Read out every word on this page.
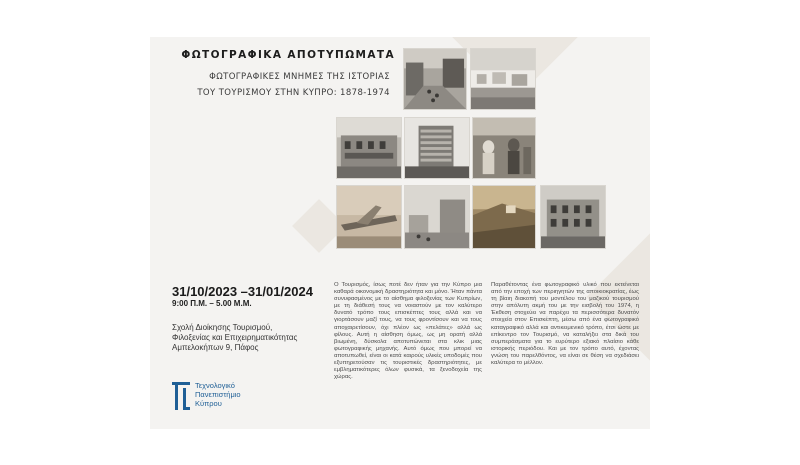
ΦΩΤΟΓΡΑΦΙΚΑ ΑΠΟΤΥΠΩΜΑΤΑ
ΦΩΤΟΓΡΑΦΙΚΕΣ ΜΝΗΜΕΣ ΤΗΣ ΙΣΤΟΡΙΑΣ
ΤΟΥ ΤΟΥΡΙΣΜΟΥ ΣΤΗΝ ΚΥΠΡΟ: 1878-1974
31/10/2023 –31/01/2024
9:00 Π.Μ. – 5.00 Μ.Μ.
Σχολή Διοίκησης Τουρισμού,
Φιλοξενίας και Επιχειρηματικότητας
Αμπελοκήπων 9, Πάφος
Τεχνολογικό
Πανεπιστήμιο
Κύπρου
Ο Τουρισμός, ίσως ποτέ δεν ήταν για την Κύπρο μια καθαρά οικονομική δραστηριότητα και μόνο. Ήταν πάντα συνυφασμένος με το αίσθημα φιλοξενίας των Κυπρίων, με τη διάθεσή τους να νοιαστούν με τον καλύτερο δυνατό τρόπο τους επισκέπτες τους αλλά και να γιορτάσουν μαζί τους, να τους φροντίσουν και να τους αποχαιρετίσουν, όχι πλέον ως «πελάτες» αλλά ως φίλους. Αυτή η αίσθηση όμως, ως μη ορατή αλλά βιωμένη, δύσκολα αποτυπώνεται στα κλικ μιας φωτογραφικής μηχανής. Αυτό όμως που μπορεί να αποτυπωθεί, είναι οι κατά καιρούς υλικές υποδομές που εξυπηρετούσαν τις τουριστικές δραστηριότητες, με εμβληματικότερες όλων φυσικά, τα ξενοδοχεία της χώρας.
Παραθέτοντας ένα φωτογραφικό υλικό που εκτείνεται από την εποχή των περιηγητών της αποικιοκρατίας, έως τη βίαιη διακοπή του μοντέλου του μαζικού τουρισμού στην απόλυτη ακμή του με την εισβολή του 1974, η Έκθεση στοχεύει να παρέχει τα περισσότερα δυνατόν στοιχεία στον Επισκέπτη, μέσω από ένα φωτογραφικό καταγραφικό αλλά και αντικειμενικό τρόπο, έτσι ώστε με επίκεντρο τον Τουρισμό, να καταλήξει στα δικά του συμπεράσματα για το ευρύτερο εξιακό πλαίσιο κάθε ιστορικής περιόδου. Και με τον τρόπο αυτό, έχοντας γνώση του παρελθόντος, να είναι σε θέση να σχεδιάσει καλύτερα το μέλλον.
